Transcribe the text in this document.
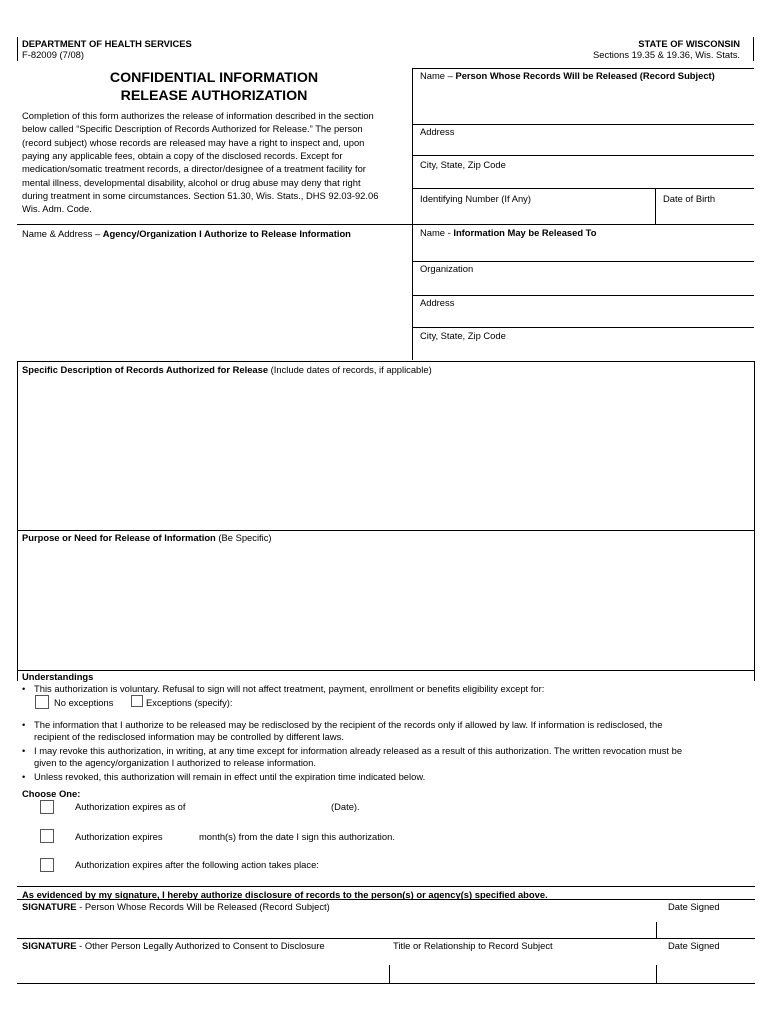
DEPARTMENT OF HEALTH SERVICES
F-82009 (7/08)
STATE OF WISCONSIN
Sections 19.35 & 19.36, Wis. Stats.
CONFIDENTIAL INFORMATION
RELEASE AUTHORIZATION
Completion of this form authorizes the release of information described in the section
below called “Specific Description of Records Authorized for Release.” The person
(record subject) whose records are released may have a right to inspect and, upon
paying any applicable fees, obtain a copy of the disclosed records. Except for
medication/somatic treatment records, a director/designee of a treatment facility for
mental illness, developmental disability, alcohol or drug abuse may deny that right
during treatment in some circumstances. Section 51.30, Wis. Stats., DHS 92.03-92.06
Wis. Adm. Code.
Name – Person Whose Records Will be Released (Record Subject)
Address
City, State, Zip Code
Identifying Number (If Any)	Date of Birth
Name & Address – Agency/Organization I Authorize to Release Information	Name - Information May be Released To
Organization
Address
City, State, Zip Code
Specific Description of Records Authorized for Release (Include dates of records, if applicable)
Purpose or Need for Release of Information (Be Specific)
Understandings
• This authorization is voluntary. Refusal to sign will not affect treatment, payment, enrollment or benefits eligibility except for:
No exceptions	Exceptions (specify):
• The information that I authorize to be released may be redisclosed by the recipient of the records only if allowed by law. If information is redisclosed, the
recipient of the redisclosed information may be controlled by different laws.
• I may revoke this authorization, in writing, at any time except for information already released as a result of this authorization. The written revocation must be
given to the agency/organization I authorized to release information.
• Unless revoked, this authorization will remain in effect until the expiration time indicated below.
Choose One:
Authorization expires as of	(Date).
Authorization expires	month(s) from the date I sign this authorization.
Authorization expires after the following action takes place:
As evidenced by my signature, I hereby authorize disclosure of records to the person(s) or agency(s) specified above.
SIGNATURE - Person Whose Records Will be Released (Record Subject)	Date Signed
SIGNATURE - Other Person Legally Authorized to Consent to Disclosure	Title or Relationship to Record Subject	Date Signed
